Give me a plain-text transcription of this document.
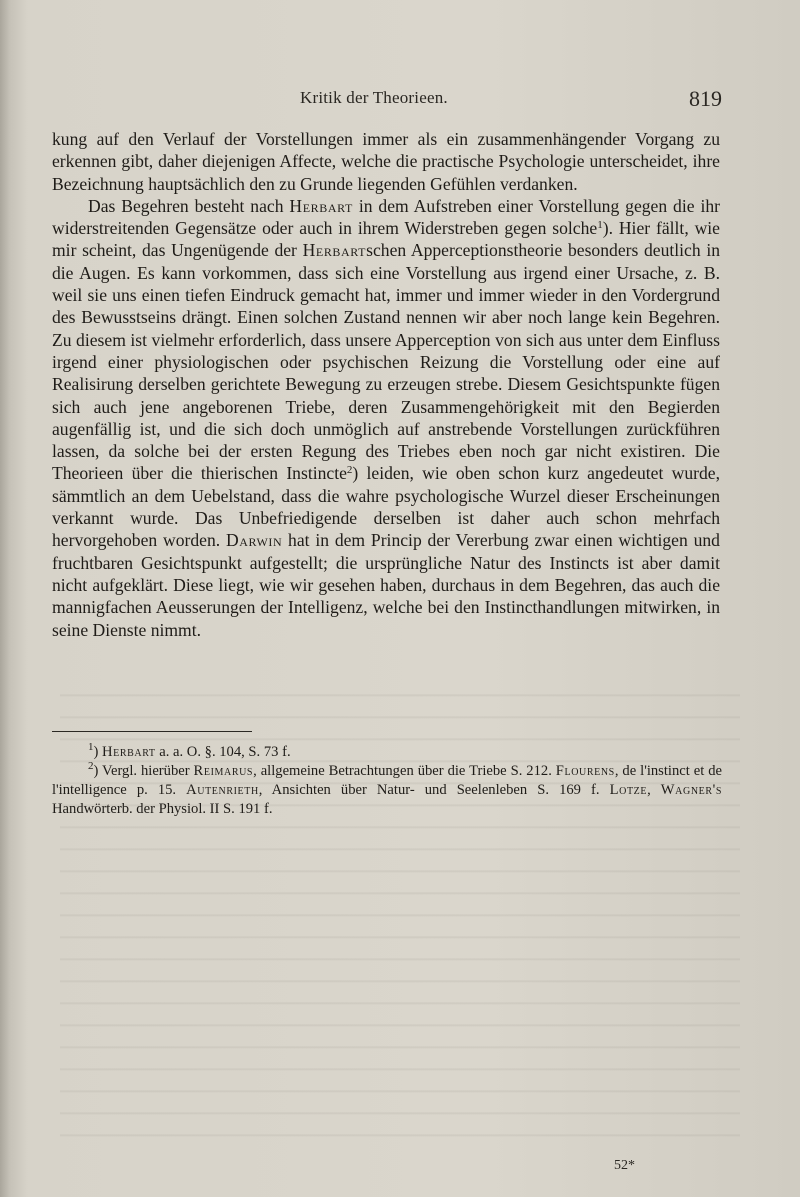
Kritik der Theorieen.	819

kung auf den Verlauf der Vorstellungen immer als ein zusammenhängender Vorgang zu erkennen gibt, daher diejenigen Affecte, welche die practische Psychologie unterscheidet, ihre Bezeichnung hauptsächlich den zu Grunde liegenden Gefühlen verdanken.

Das Begehren besteht nach Herbart in dem Aufstreben einer Vorstellung gegen die ihr widerstreitenden Gegensätze oder auch in ihrem Widerstreben gegen solche$^1$). Hier fällt, wie mir scheint, das Ungenügende der Herbartschen Apperceptionstheorie besonders deutlich in die Augen. Es kann vorkommen, dass sich eine Vorstellung aus irgend einer Ursache, z. B. weil sie uns einen tiefen Eindruck gemacht hat, immer und immer wieder in den Vordergrund des Bewusstseins drängt. Einen solchen Zustand nennen wir aber noch lange kein Begehren. Zu diesem ist vielmehr erforderlich, dass unsere Apperception von sich aus unter dem Einfluss irgend einer physiologischen oder psychischen Reizung die Vorstellung oder eine auf Realisirung derselben gerichtete Bewegung zu erzeugen strebe. Diesem Gesichtspunkte fügen sich auch jene angeborenen Triebe, deren Zusammengehörigkeit mit den Begierden augenfällig ist, und die sich doch unmöglich auf anstrebende Vorstellungen zurückführen lassen, da solche bei der ersten Regung des Triebes eben noch gar nicht existiren. Die Theorieen über die thierischen Instincte$^2$) leiden, wie oben schon kurz angedeutet wurde, sämmtlich an dem Uebelstand, dass die wahre psychologische Wurzel dieser Erscheinungen verkannt wurde. Das Unbefriedigende derselben ist daher auch schon mehrfach hervorgehoben worden. Darwin hat in dem Princip der Vererbung zwar einen wichtigen und fruchtbaren Gesichtspunkt aufgestellt; die ursprüngliche Natur des Instincts ist aber damit nicht aufgeklärt. Diese liegt, wie wir gesehen haben, durchaus in dem Begehren, das auch die mannigfachen Aeusserungen der Intelligenz, welche bei den Instincthandlungen mitwirken, in seine Dienste nimmt.

$^1$) Herbart a. a. O. §. 104, S. 73 f.

$^2$) Vergl. hierüber Reimarus, allgemeine Betrachtungen über die Triebe S. 212. Flourens, de l'instinct et de l'intelligence p. 15. Autenrieth, Ansichten über Natur- und Seelenleben S. 169 f. Lotze, Wagner's Handwörterb. der Physiol. II S. 191 f.

52*
